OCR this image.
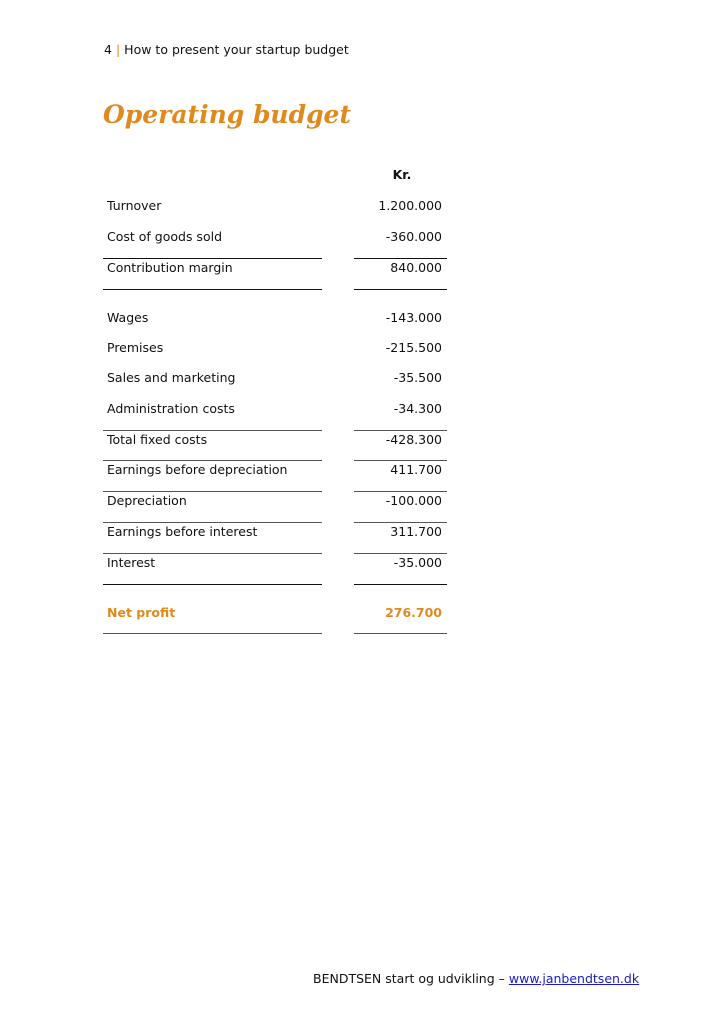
4 | How to present your startup budget
Operating budget
Kr.
Turnover	1.200.000
Cost of goods sold	-360.000
Contribution margin	840.000
Wages	-143.000
Premises	-215.500
Sales and marketing	-35.500
Administration costs	-34.300
Total fixed costs	-428.300
Earnings before depreciation	411.700
Depreciation	-100.000
Earnings before interest	311.700
Interest	-35.000
Net profit	276.700
BENDTSEN start og udvikling – www.janbendtsen.dk
